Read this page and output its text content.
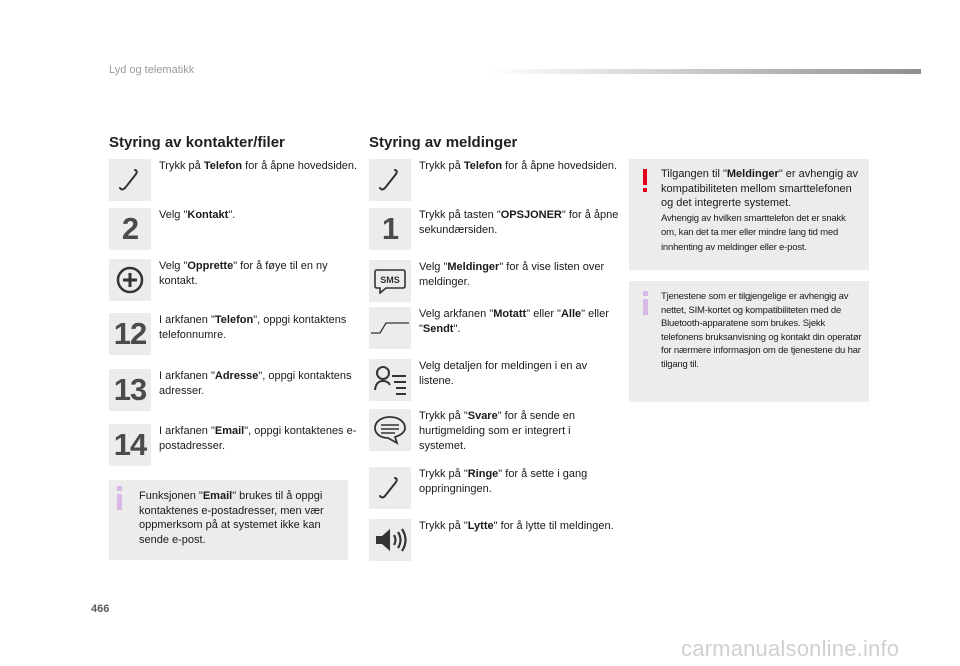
Lyd og telematikk
Styring av kontakter/filer
Trykk på Telefon for å åpne hovedsiden.
2 Velg "Kontakt".
Velg "Opprette" for å føye til en ny kontakt.
12 I arkfanen "Telefon", oppgi kontaktens telefonnumre.
13 I arkfanen "Adresse", oppgi kontaktens adresser.
14 I arkfanen "Email", oppgi kontaktenes e-postadresser.
Funksjonen "Email" brukes til å oppgi kontaktenes e-postadresser, men vær oppmerksom på at systemet ikke kan sende e-post.
Styring av meldinger
Trykk på Telefon for å åpne hovedsiden.
1 Trykk på tasten "OPSJONER" for å åpne sekundærsiden.
SMS
Velg "Meldinger" for å vise listen over meldinger.
Velg arkfanen "Motatt" eller "Alle" eller "Sendt".
Velg detaljen for meldingen i en av listene.
Trykk på "Svare" for å sende en hurtigmelding som er integrert i systemet.
Trykk på "Ringe" for å sette i gang oppringningen.
Trykk på "Lytte" for å lytte til meldingen.
Tilgangen til "Meldinger" er avhengig av kompatibiliteten mellom smarttelefonen og det integrerte systemet.
Avhengig av hvilken smarttelefon det er snakk om, kan det ta mer eller mindre lang tid med innhenting av meldinger eller e-post.
Tjenestene som er tilgjengelige er avhengig av nettet, SIM-kortet og kompatibiliteten med de Bluetooth-apparatene som brukes. Sjekk telefonens bruksanvisning og kontakt din operatør for nærmere informasjon om de tjenestene du har tilgang til.
466
carmanualsonline.info
